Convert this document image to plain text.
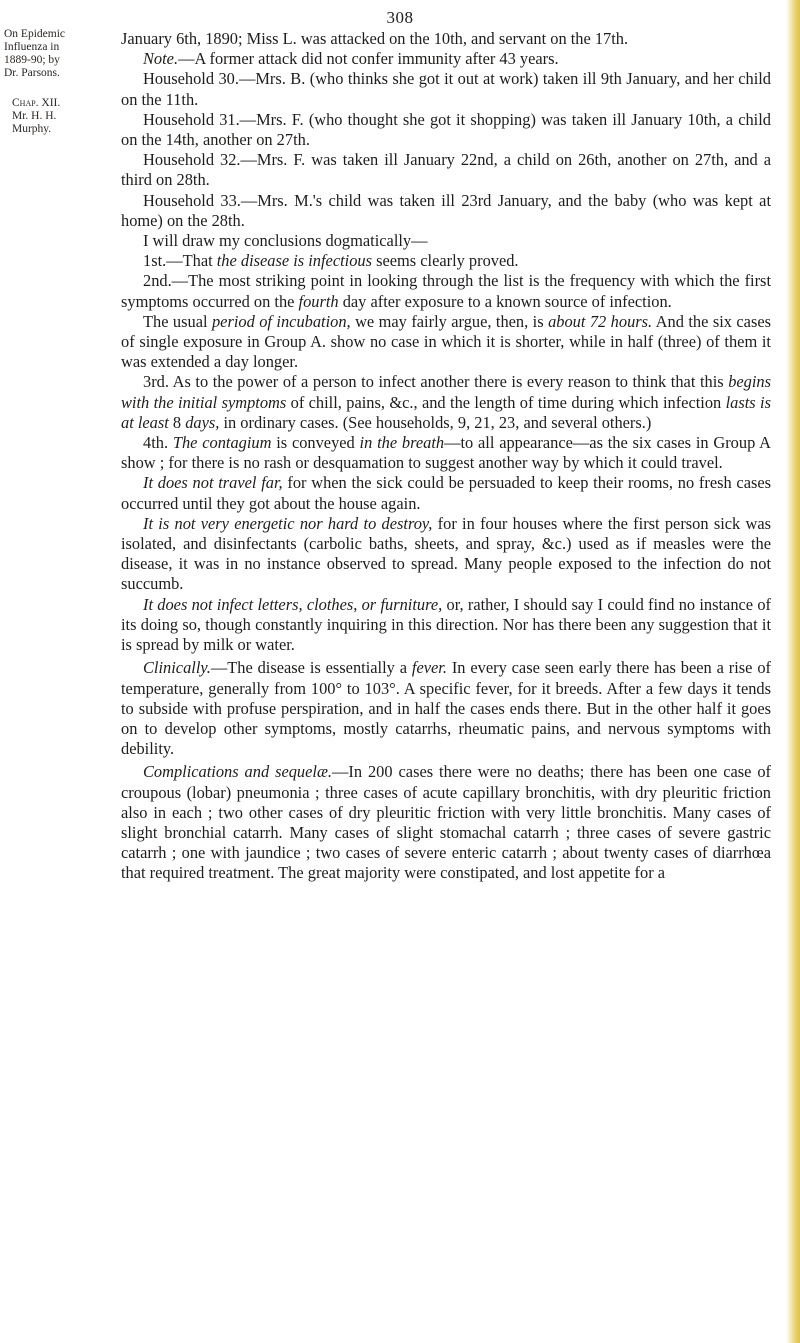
308
On Epidemic
Influenza in
1889-90; by
Dr. Parsons.
Chap. XII.
Mr. H. H.
Murphy.

January 6th, 1890; Miss L. was attacked on the 10th, and servant on the 17th.

Note.—A former attack did not confer immunity after 43 years.

Household 30.—Mrs. B. (who thinks she got it out at work) taken ill 9th January, and her child on the 11th.

Household 31.—Mrs. F. (who thought she got it shopping) was taken ill January 10th, a child on the 14th, another on 27th.

Household 32.—Mrs. F. was taken ill January 22nd, a child on 26th, another on 27th, and a third on 28th.

Household 33.—Mrs. M.'s child was taken ill 23rd January, and the baby (who was kept at home) on the 28th.

I will draw my conclusions dogmatically—

1st.—That the disease is infectious seems clearly proved.

2nd.—The most striking point in looking through the list is the frequency with which the first symptoms occurred on the fourth day after exposure to a known source of infection.

The usual period of incubation, we may fairly argue, then, is about 72 hours. And the six cases of single exposure in Group A. show no case in which it is shorter, while in half (three) of them it was extended a day longer.

3rd. As to the power of a person to infect another there is every reason to think that this begins with the initial symptoms of chill, pains, &c., and the length of time during which infection lasts is at least 8 days, in ordinary cases. (See households, 9, 21, 23, and several others.)

4th. The contagium is conveyed in the breath—to all appearance—as the six cases in Group A show ; for there is no rash or desquamation to suggest another way by which it could travel.

It does not travel far, for when the sick could be persuaded to keep their rooms, no fresh cases occurred until they got about the house again.

It is not very energetic nor hard to destroy, for in four houses where the first person sick was isolated, and disinfectants (carbolic baths, sheets, and spray, &c.) used as if measles were the disease, it was in no instance observed to spread. Many people exposed to the infection do not succumb.

It does not infect letters, clothes, or furniture, or, rather, I should say I could find no instance of its doing so, though constantly inquiring in this direction. Nor has there been any suggestion that it is spread by milk or water.

Clinically.—The disease is essentially a fever. In every case seen early there has been a rise of temperature, generally from 100° to 103°. A specific fever, for it breeds. After a few days it tends to subside with profuse perspiration, and in half the cases ends there. But in the other half it goes on to develop other symptoms, mostly catarrhs, rheumatic pains, and nervous symptoms with debility.

Complications and sequelæ.—In 200 cases there were no deaths; there has been one case of croupous (lobar) pneumonia ; three cases of acute capillary bronchitis, with dry pleuritic friction also in each ; two other cases of dry pleuritic friction with very little bronchitis. Many cases of slight bronchial catarrh. Many cases of slight stomachal catarrh ; three cases of severe gastric catarrh ; one with jaundice ; two cases of severe enteric catarrh ; about twenty cases of diarrhœa that required treatment. The great majority were constipated, and lost appetite for a
